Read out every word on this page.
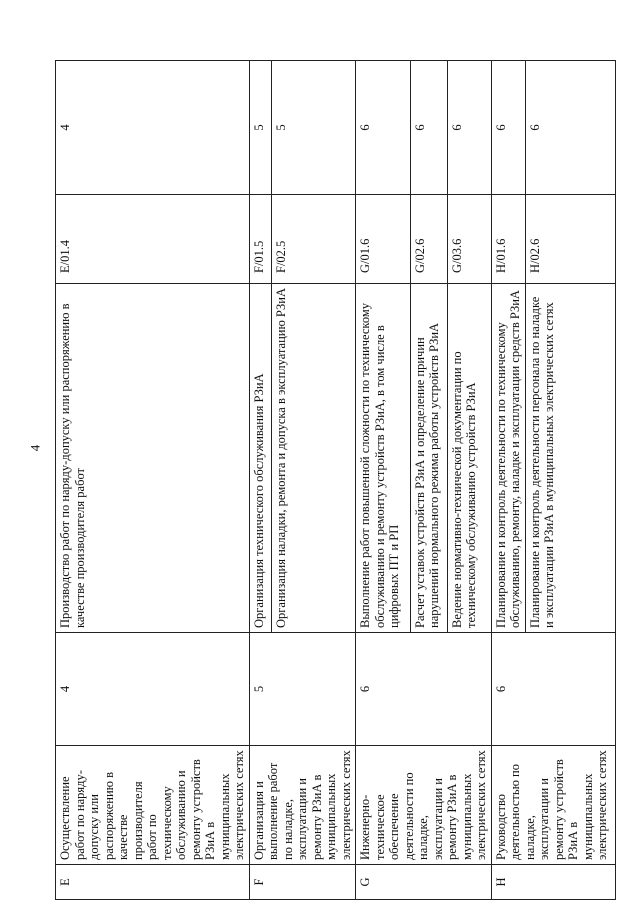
4
E	Осуществление работ по наряду-допуску или распоряжению в качестве производителя работ по техническому обслуживанию и ремонту устройств РЗиА в муниципальных электрических сетях	4	Производство работ по наряду-допуску или распоряжению в качестве производителя работ	E/01.4	4
F	Организация и выполнение работ по наладке, эксплуатации и ремонту РЗиА в муниципальных электрических сетях	5	Организация технического обслуживания РЗиА	F/01.5	5
			Организация наладки, ремонта и допуска в эксплуатацию РЗиА	F/02.5	5
G	Инженерно-техническое обеспечение деятельности по наладке, эксплуатации и ремонту РЗиА в муниципальных электрических сетях	6	Выполнение работ повышенной сложности по техническому обслуживанию и ремонту устройств РЗиА, в том числе в цифровых ПТ и РП	G/01.6	6
			Расчет уставок устройств РЗиА и определение причин нарушений нормального режима работы устройств РЗиА	G/02.6	6
			Ведение нормативно-технической документации по техническому обслуживанию устройств РЗиА	G/03.6	6
H	Руководство деятельностью по наладке, эксплуатации и ремонту устройств РЗиА в муниципальных электрических сетях	6	Планирование и контроль деятельности по техническому обслуживанию, ремонту, наладке и эксплуатации средств РЗиА	H/01.6	6
			Планирование и контроль деятельности персонала по наладке и эксплуатации РЗиА в муниципальных электрических сетях	H/02.6	6
